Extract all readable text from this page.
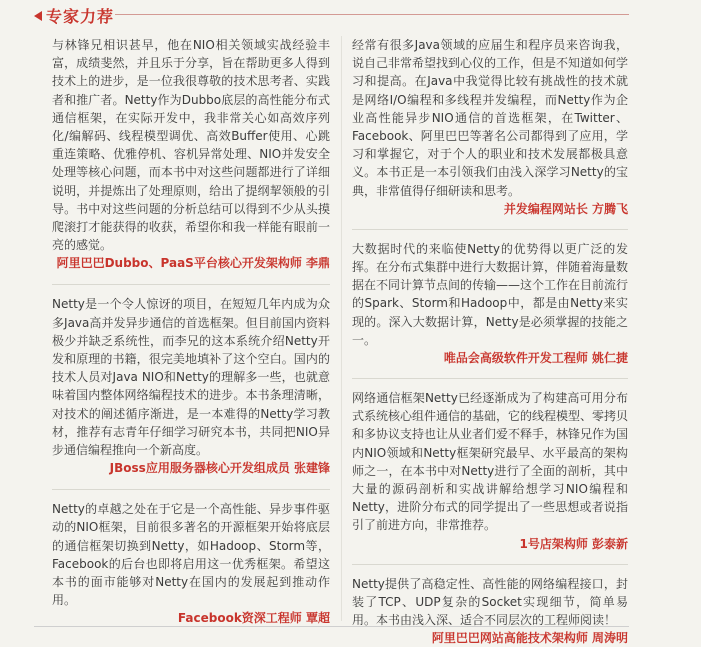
专家力荐

与林锋兄相识甚早，他在NIO相关领域实战经验丰富，成绩斐然，并且乐于分享，旨在帮助更多人得到技术上的进步，是一位我很尊敬的技术思考者、实践者和推广者。Netty作为Dubbo底层的高性能分布式通信框架，在实际开发中，我非常关心如高效序列化/编解码、线程模型调优、高效Buffer使用、心跳重连策略、优雅停机、容机异常处理、NIO并发安全处理等核心问题，而本书中对这些问题都进行了详细说明，并提炼出了处理原则，给出了提纲挈领般的引导。书中对这些问题的分析总结可以得到不少从头摸爬滚打才能获得的收获，希望你和我一样能有眼前一亮的感觉。

阿里巴巴Dubbo、PaaS平台核心开发架构师 李鼎

Netty是一个令人惊讶的项目，在短短几年内成为众多Java高并发异步通信的首选框架。但目前国内资料极少并缺乏系统性，而李兄的这本系统介绍Netty开发和原理的书籍，很完美地填补了这个空白。国内的技术人员对Java NIO和Netty的理解多一些，也就意味着国内整体网络编程技术的进步。本书条理清晰，对技术的阐述循序渐进，是一本难得的Netty学习教材，推荐有志青年仔细学习研究本书，共同把NIO异步通信编程推向一个新高度。

JBoss应用服务器核心开发组成员 张建锋

Netty的卓越之处在于它是一个高性能、异步事件驱动的NIO框架，目前很多著名的开源框架开始将底层的通信框架切换到Netty，如Hadoop、Storm等，Facebook的后台也即将启用这一优秀框架。希望这本书的面市能够对Netty在国内的发展起到推动作用。

Facebook资深工程师 覃超

经常有很多Java领域的应届生和程序员来咨询我，说自己非常希望找到心仪的工作，但是不知道如何学习和提高。在Java中我觉得比较有挑战性的技术就是网络I/O编程和多线程并发编程，而Netty作为企业高性能异步NIO通信的首选框架，在Twitter、Facebook、阿里巴巴等著名公司都得到了应用，学习和掌握它，对于个人的职业和技术发展都极具意义。本书正是一本引领我们由浅入深学习Netty的宝典，非常值得仔细研读和思考。

并发编程网站长 方腾飞

大数据时代的来临使Netty的优势得以更广泛的发挥。在分布式集群中进行大数据计算，伴随着海量数据在不同计算节点间的传输——这个工作在目前流行的Spark、Storm和Hadoop中，都是由Netty来实现的。深入大数据计算，Netty是必须掌握的技能之一。

唯品会高级软件开发工程师 姚仁捷

网络通信框架Netty已经逐渐成为了构建高可用分布式系统核心组件通信的基础，它的线程模型、零拷贝和多协议支持也让从业者们爱不释手，林锋兄作为国内NIO领域和Netty框架研究最早、水平最高的架构师之一，在本书中对Netty进行了全面的剖析，其中大量的源码剖析和实战讲解给想学习NIO编程和Netty，进阶分布式的同学提出了一些思想或者说指引了前进方向，非常推荐。

1号店架构师 彭泰新

Netty提供了高稳定性、高性能的网络编程接口，封装了TCP、UDP复杂的Socket实现细节，简单易用。本书由浅入深、适合不同层次的工程师阅读！

阿里巴巴网站高能技术架构师 周涛明
